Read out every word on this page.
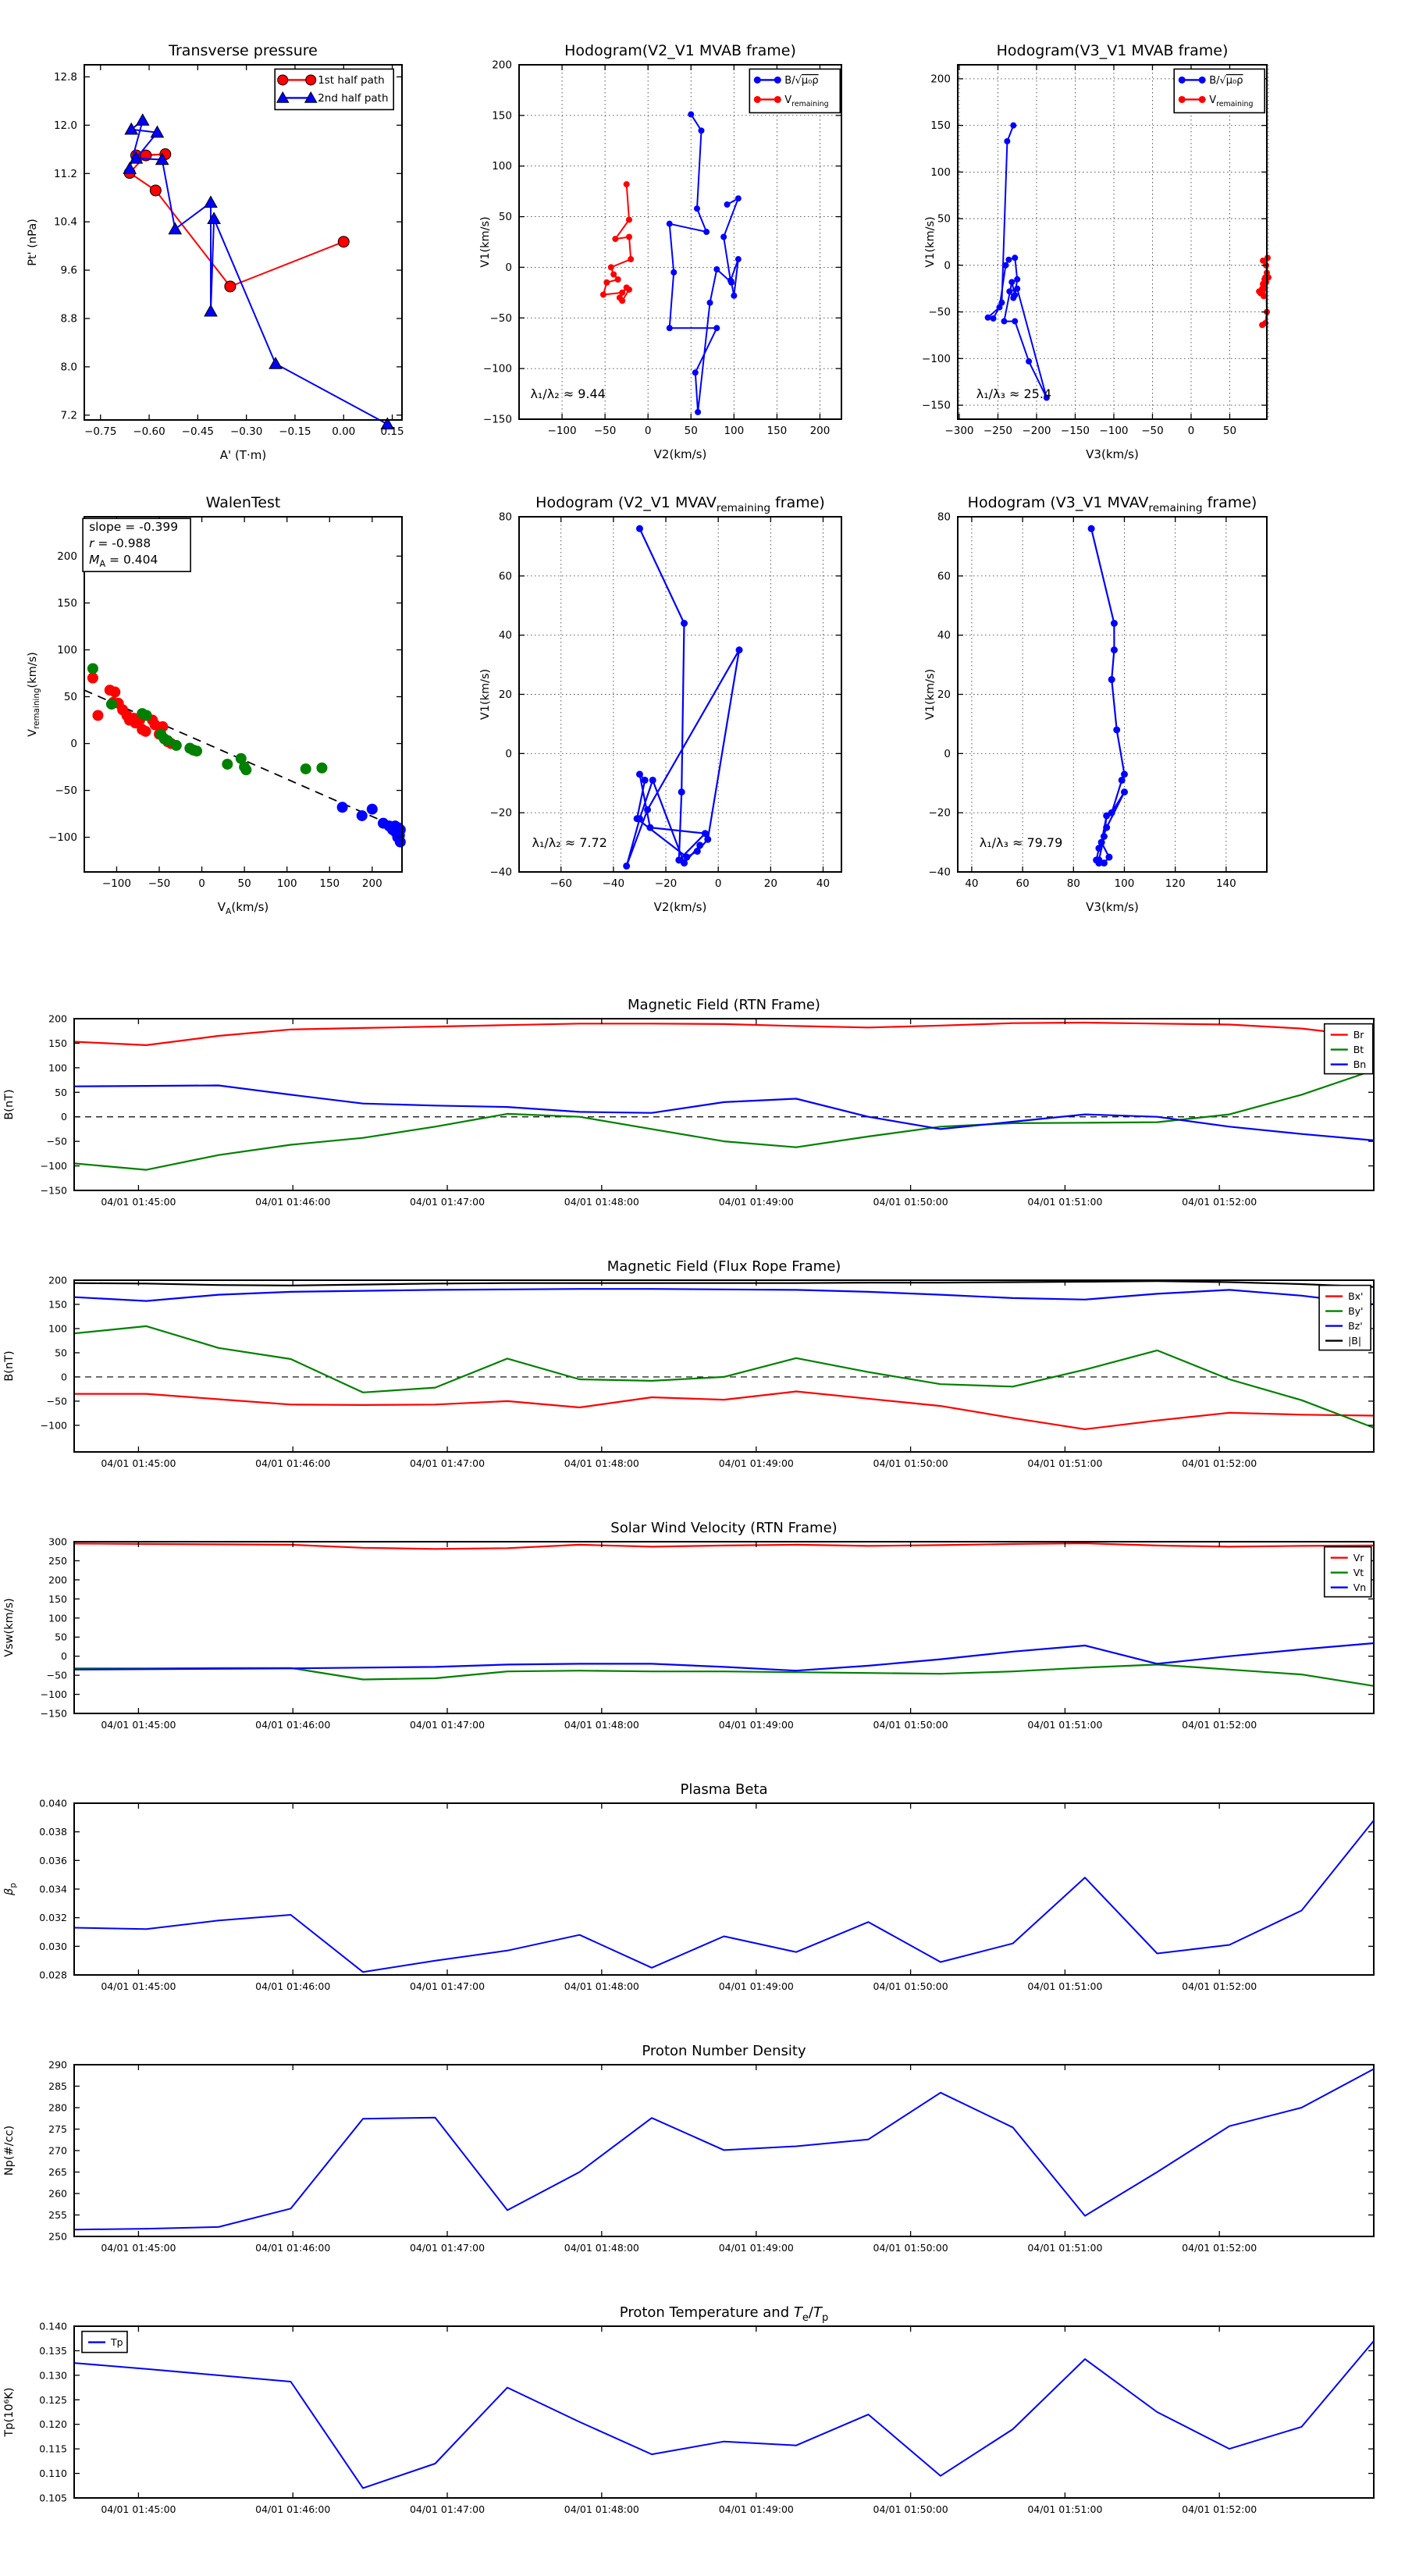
−0.75 −0.60 −0.45 −0.30 −0.15 0.00 0.15
7.2
8.0
8.8
9.6
10.4
11.2
12.0
12.8
Transverse pressure
A' (T·m)
Pt' (nPa)
1st half path
2nd half path
−100 −50	0	50 100 150 200
−150
−100
−50
0
50
100
150
200
Hodogram(V2_V1 MVAB frame)
V2(km/s)
V1(km/s)
B/√μ₀ρ
$V_{remaining}$
λ₁/λ₂ ≈ 9.44
−300 −250 −200 −150 −100 −50 0	50
−150
−100
−50
0
50
100
150
200
Hodogram(V3_V1 MVAB frame)
V3(km/s)
V1(km/s)
B/√μ₀ρ
$V_{remaining}$
λ₁/λ₃ ≈ 25.4
−100 −50	0	50 100 150 200
−100
−50
0
50
100
150
200
WalenTest
$V_A(km/s)$
$V_{remaining}(km/s)$
slope = -0.399
r = -0.988
$M_A = 0.404$
−60	−40	−20	0	20	40
−40
−20
0
20
40
60
80
Hodogram (V2_V1 $MVAV_{remaining}$ frame)
V2(km/s)
V1(km/s)
λ₁/λ₂ ≈ 7.72
40	60	80	100	120	140
−40
−20
0
20
40
60
80
Hodogram (V3_V1 $MVAV_{remaining}$ frame)
V3(km/s)
V1(km/s)
λ₁/λ₃ ≈ 79.79
04/01 01:45:00	04/01 01:46:00	04/01 01:47:00	04/01 01:48:00	04/01 01:49:00	04/01 01:50:00	04/01 01:51:00	04/01 01:52:00
−150
−100
−50
0
50
100
150
200
Magnetic Field (RTN Frame)
B(nT)
Br
Bt
Bn
04/01 01:45:00	04/01 01:46:00	04/01 01:47:00	04/01 01:48:00	04/01 01:49:00	04/01 01:50:00	04/01 01:51:00	04/01 01:52:00
−100
−50
0
50
100
150
200
Magnetic Field (Flux Rope Frame)
B(nT)
Bx'
By'
Bz'
|B|
04/01 01:45:00	04/01 01:46:00	04/01 01:47:00	04/01 01:48:00	04/01 01:49:00	04/01 01:50:00	04/01 01:51:00	04/01 01:52:00
−150
−100
−50
0
50
100
150
200
250
300
Solar Wind Velocity (RTN Frame)
Vsw(km/s)
Vr
Vt
Vn
04/01 01:45:00	04/01 01:46:00	04/01 01:47:00	04/01 01:48:00	04/01 01:49:00	04/01 01:50:00	04/01 01:51:00	04/01 01:52:00
0.028
0.030
0.032
0.034
0.036
0.038
0.040
Plasma Beta
$\beta_p$
04/01 01:45:00	04/01 01:46:00	04/01 01:47:00	04/01 01:48:00	04/01 01:49:00	04/01 01:50:00	04/01 01:51:00	04/01 01:52:00
250
255
260
265
270
275
280
285
290
Proton Number Density
Np(#/cc)
04/01 01:45:00	04/01 01:46:00	04/01 01:47:00	04/01 01:48:00	04/01 01:49:00	04/01 01:50:00	04/01 01:51:00	04/01 01:52:00
0.105
0.110
0.115
0.120
0.125
0.130
0.135
0.140
Proton Temperature and $T_e/T_p$
Tp(10⁶K)
Tp
